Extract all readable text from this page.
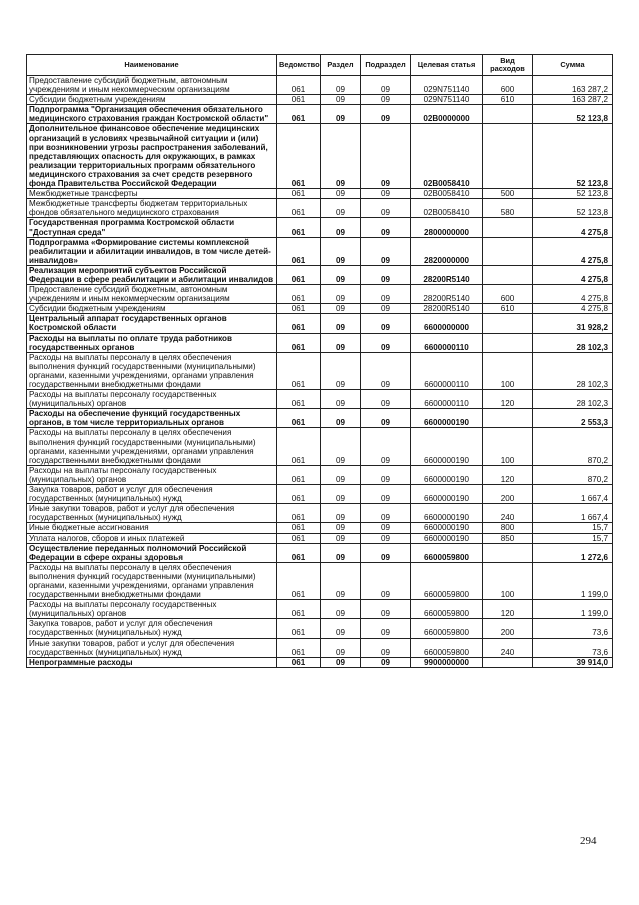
Наименование	Ведомство	Раздел	Подраздел	Целевая статья	Вид расходов	Сумма
Предоставление субсидий бюджетным, автономным учреждениям и иным некоммерческим организациям	061	09	09	029N751140	600	163 287,2
Субсидии бюджетным учреждениям	061	09	09	029N751140	610	163 287,2
Подпрограмма "Организация обеспечения обязательного медицинского страхования граждан Костромской области"	061	09	09	02В0000000		52 123,8
Дополнительное финансовое обеспечение медицинских организаций в условиях чрезвычайной ситуации и (или) при возникновении угрозы распространения заболеваний, представляющих опасность для окружающих, в рамках реализации территориальных программ обязательного медицинского страхования за счет средств резервного фонда Правительства Российской Федерации	061	09	09	02В0058410		52 123,8
Межбюджетные трансферты	061	09	09	02В0058410	500	52 123,8
Межбюджетные трансферты бюджетам территориальных фондов обязательного медицинского страхования	061	09	09	02В0058410	580	52 123,8
Государственная программа Костромской области "Доступная среда"	061	09	09	2800000000		4 275,8
Подпрограмма «Формирование системы комплексной реабилитации и абилитации инвалидов, в том числе детей-инвалидов»	061	09	09	2820000000		4 275,8
Реализация мероприятий субъектов Российской Федерации в сфере реабилитации и абилитации инвалидов	061	09	09	28200R5140		4 275,8
Предоставление субсидий бюджетным, автономным учреждениям и иным некоммерческим организациям	061	09	09	28200R5140	600	4 275,8
Субсидии бюджетным учреждениям	061	09	09	28200R5140	610	4 275,8
Центральный аппарат государственных органов Костромской области	061	09	09	6600000000		31 928,2
Расходы на выплаты по оплате труда работников государственных органов	061	09	09	6600000110		28 102,3
Расходы на выплаты персоналу в целях обеспечения выполнения функций государственными (муниципальными) органами, казенными учреждениями, органами управления государственными внебюджетными фондами	061	09	09	6600000110	100	28 102,3
Расходы на выплаты персоналу государственных (муниципальных) органов	061	09	09	6600000110	120	28 102,3
Расходы на обеспечение функций государственных органов, в том числе территориальных органов	061	09	09	6600000190		2 553,3
Расходы на выплаты персоналу в целях обеспечения выполнения функций государственными (муниципальными) органами, казенными учреждениями, органами управления государственными внебюджетными фондами	061	09	09	6600000190	100	870,2
Расходы на выплаты персоналу государственных (муниципальных) органов	061	09	09	6600000190	120	870,2
Закупка товаров, работ и услуг для обеспечения государственных (муниципальных) нужд	061	09	09	6600000190	200	1 667,4
Иные закупки товаров, работ и услуг для обеспечения государственных (муниципальных) нужд	061	09	09	6600000190	240	1 667,4
Иные бюджетные ассигнования	061	09	09	6600000190	800	15,7
Уплата налогов, сборов и иных платежей	061	09	09	6600000190	850	15,7
Осуществление переданных полномочий Российской Федерации в сфере охраны здоровья	061	09	09	6600059800		1 272,6
Расходы на выплаты персоналу в целях обеспечения выполнения функций государственными (муниципальными) органами, казенными учреждениями, органами управления государственными внебюджетными фондами	061	09	09	6600059800	100	1 199,0
Расходы на выплаты персоналу государственных (муниципальных) органов	061	09	09	6600059800	120	1 199,0
Закупка товаров, работ и услуг для обеспечения государственных (муниципальных) нужд	061	09	09	6600059800	200	73,6
Иные закупки товаров, работ и услуг для обеспечения государственных (муниципальных) нужд	061	09	09	6600059800	240	73,6
Непрограммные расходы	061	09	09	9900000000		39 914,0
294
